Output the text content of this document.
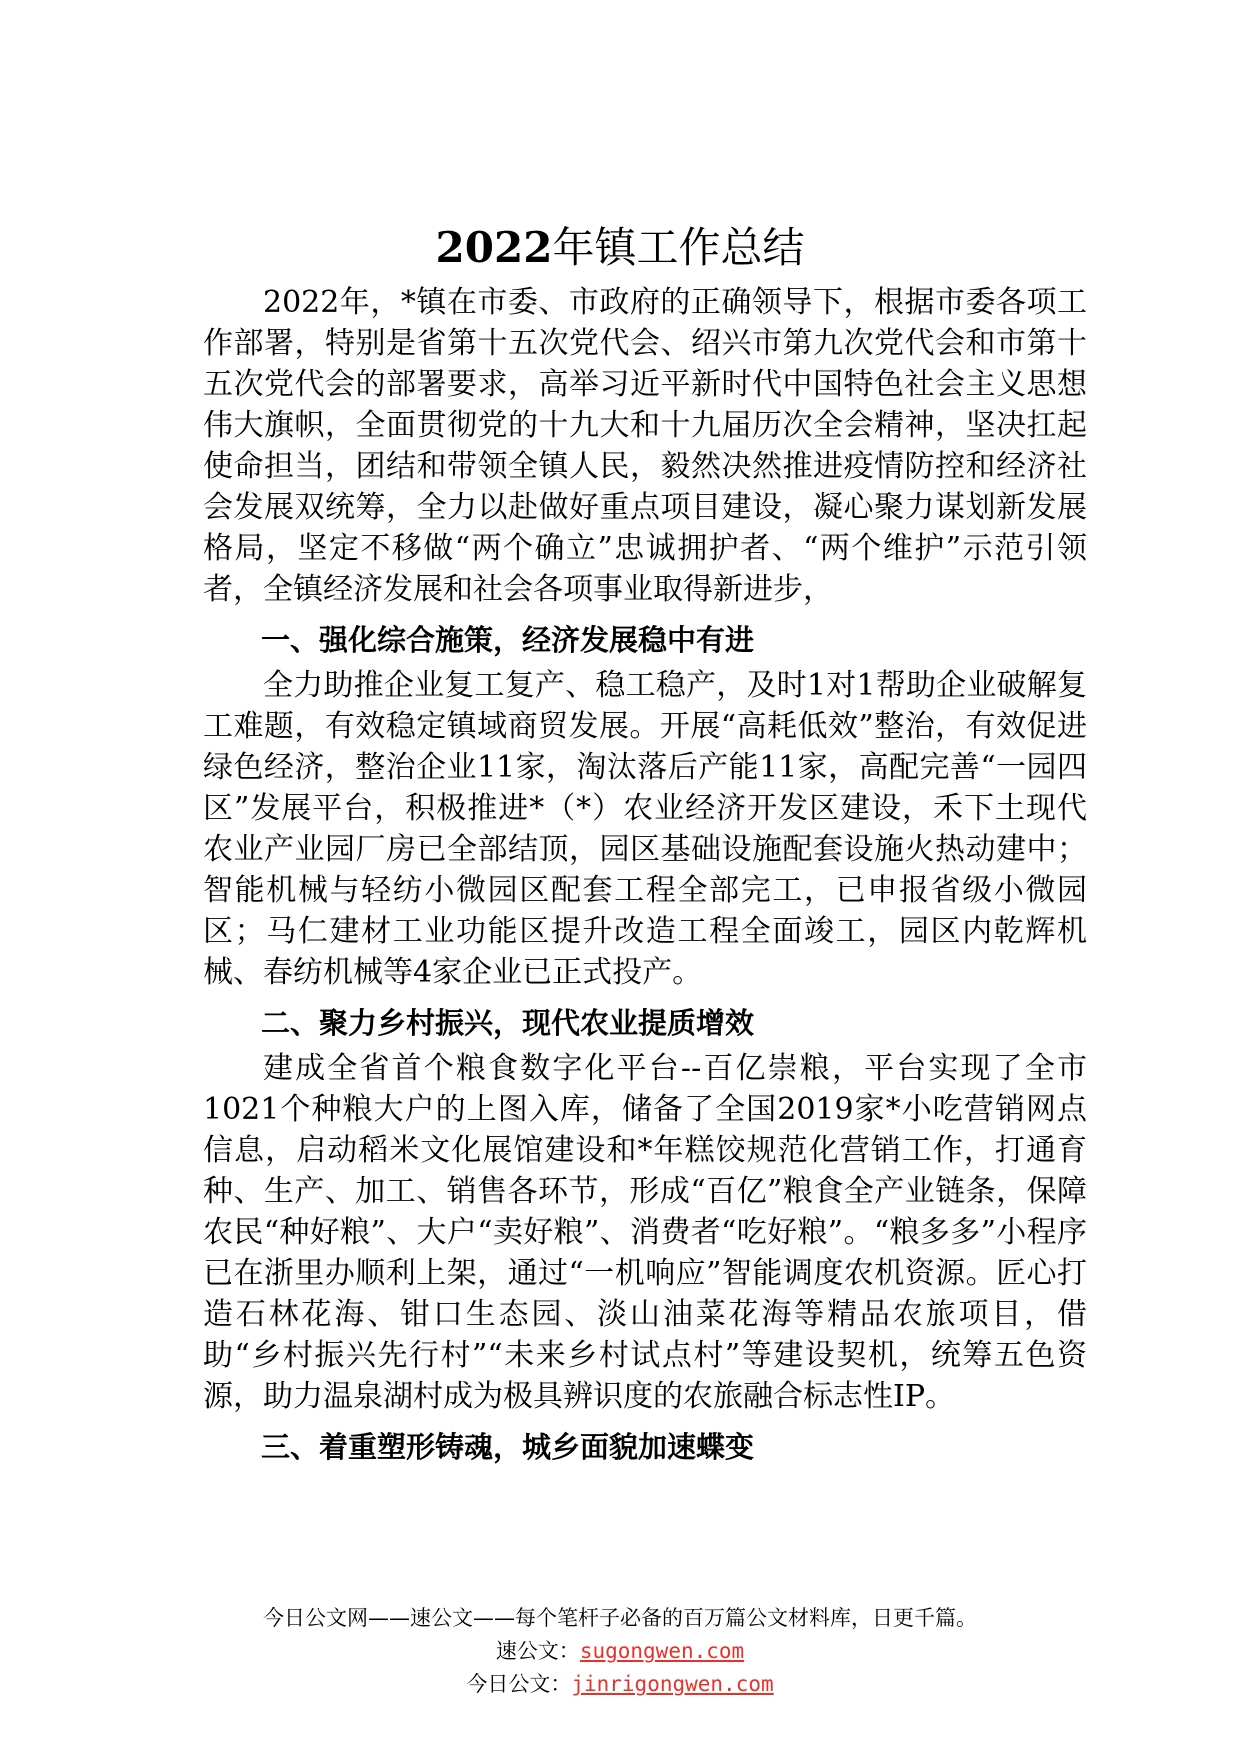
2022年镇工作总结

2022年，*镇在市委、市政府的正确领导下，根据市委各项工作部署，特别是省第十五次党代会、绍兴市第九次党代会和市第十五次党代会的部署要求，高举习近平新时代中国特色社会主义思想伟大旗帜，全面贯彻党的十九大和十九届历次全会精神，坚决扛起使命担当，团结和带领全镇人民，毅然决然推进疫情防控和经济社会发展双统筹，全力以赴做好重点项目建设，凝心聚力谋划新发展格局，坚定不移做“两个确立”忠诚拥护者、“两个维护”示范引领者，全镇经济发展和社会各项事业取得新进步，

一、强化综合施策，经济发展稳中有进

全力助推企业复工复产、稳工稳产，及时1对1帮助企业破解复工难题，有效稳定镇域商贸发展。开展“高耗低效”整治，有效促进绿色经济，整治企业11家，淘汰落后产能11家，高配完善“一园四区”发展平台，积极推进*（*）农业经济开发区建设，禾下土现代农业产业园厂房已全部结顶，园区基础设施配套设施火热动建中；智能机械与轻纺小微园区配套工程全部完工，已申报省级小微园区；马仁建材工业功能区提升改造工程全面竣工，园区内乾辉机械、春纺机械等4家企业已正式投产。

二、聚力乡村振兴，现代农业提质增效

建成全省首个粮食数字化平台--百亿崇粮，平台实现了全市1021个种粮大户的上图入库，储备了全国2019家*小吃营销网点信息，启动稻米文化展馆建设和*年糕饺规范化营销工作，打通育种、生产、加工、销售各环节，形成“百亿”粮食全产业链条，保障农民“种好粮”、大户“卖好粮”、消费者“吃好粮”。“粮多多”小程序已在浙里办顺利上架，通过“一机响应”智能调度农机资源。匠心打造石林花海、钳口生态园、淡山油菜花海等精品农旅项目，借助“乡村振兴先行村”“未来乡村试点村”等建设契机，统筹五色资源，助力温泉湖村成为极具辨识度的农旅融合标志性IP。

三、着重塑形铸魂，城乡面貌加速蝶变

今日公文网——速公文——每个笔杆子必备的百万篇公文材料库，日更千篇。
速公文：sugongwen.com
今日公文：jinrigongwen.com
